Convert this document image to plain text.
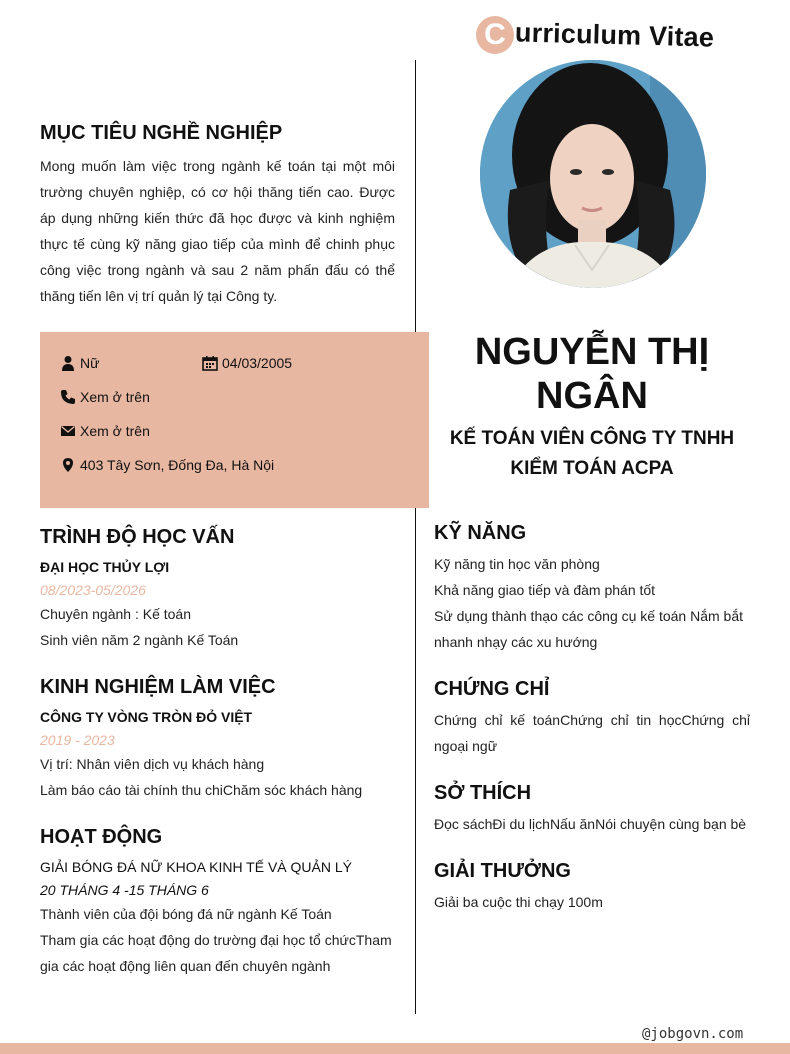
C urriculum Vitae
MỤC TIÊU NGHỀ NGHIỆP
Mong muốn làm việc trong ngành kế toán tại một môi trường chuyên nghiệp, có cơ hội thăng tiến cao. Được áp dụng những kiến thức đã học được và kinh nghiệm thực tế cùng kỹ năng giao tiếp của mình để chinh phục công việc trong ngành và sau 2 năm phấn đấu có thể thăng tiến lên vị trí quản lý tại Công ty.
Nữ	04/03/2005
Xem ở trên
Xem ở trên
403 Tây Sơn, Đống Đa, Hà Nội
NGUYỄN THỊ NGÂN
KẾ TOÁN VIÊN CÔNG TY TNHH KIỂM TOÁN ACPA
TRÌNH ĐỘ HỌC VẤN
ĐẠI HỌC THỦY LỢI
08/2023-05/2026
Chuyên ngành : Kế toán
Sinh viên năm 2 ngành Kế Toán
KINH NGHIỆM LÀM VIỆC
CÔNG TY VÒNG TRÒN ĐỎ VIỆT
2019 - 2023
Vị trí: Nhân viên dịch vụ khách hàng
Làm báo cáo tài chính thu chiChăm sóc khách hàng
HOẠT ĐỘNG
GIẢI BÓNG ĐÁ NỮ KHOA KINH TẾ VÀ QUẢN LÝ
20 THÁNG 4 -15 THÁNG 6
Thành viên của đội bóng đá nữ ngành Kế Toán
Tham gia các hoạt động do trường đại học tổ chứcTham gia các hoạt động liên quan đến chuyên ngành
KỸ NĂNG
Kỹ năng tin học văn phòng
Khả năng giao tiếp và đàm phán tốt
Sử dụng thành thạo các công cụ kế toán Nắm bắt nhanh nhạy các xu hướng
CHỨNG CHỈ
Chứng chỉ kế toánChứng chỉ tin họcChứng chỉ ngoại ngữ
SỞ THÍCH
Đọc sáchĐi du lịchNấu ănNói chuyện cùng bạn bè
GIẢI THƯỞNG
Giải ba cuộc thi chạy 100m
@jobgovn.com
